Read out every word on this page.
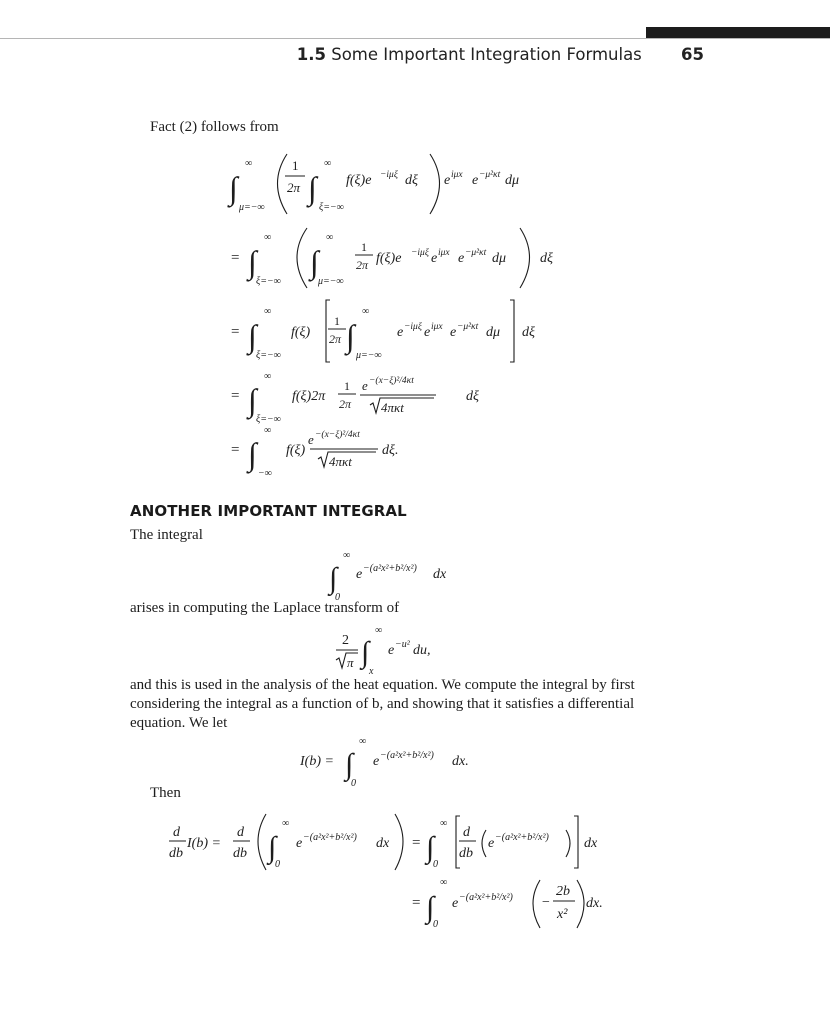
1.5 Some Important Integration Formulas 65
Fact (2) follows from
∫
∞
μ=−∞
1
2π ∫
∞
ξ=−∞
f(ξ)e −iμξ dξ e iμx e −μ²κt dμ
= ∫
∞
ξ=−∞
∫
∞
μ=−∞
1
2π f(ξ)e −iμξ e iμx e −μ²κt dμ dξ
= ∫
∞
ξ=−∞
f(ξ)
1
2π ∫
∞
μ=−∞
e −iμξ e iμx e −μ²κt dμ dξ
= ∫
∞
ξ=−∞
f(ξ)2π
1
2π
e −(x−ξ)²/4κt
4πκt
dξ
= ∫
∞
−∞
f(ξ)
e −(x−ξ)²/4κt
4πκt
dξ.
ANOTHER IMPORTANT INTEGRAL
The integral
∫
∞
0
e −(a²x²+b²/x²) dx
arises in computing the Laplace transform of
2
π ∫
∞
x
e −u² du,

and this is used in the analysis of the heat equation. We compute the integral by first considering the integral as a function of b, and showing that it satisfies a differential equation. We let

I(b) = ∫
∞
0
e −(a²x²+b²/x²) dx.
Then
d
db
I(b) =
d
db ∫
∞
0
e −(a²x²+b²/x²) dx = ∫
∞
0
d
db
e −(a²x²+b²/x²)	dx
= ∫
∞
0
e −(a²x²+b²/x²) −
2b
x²
dx.
